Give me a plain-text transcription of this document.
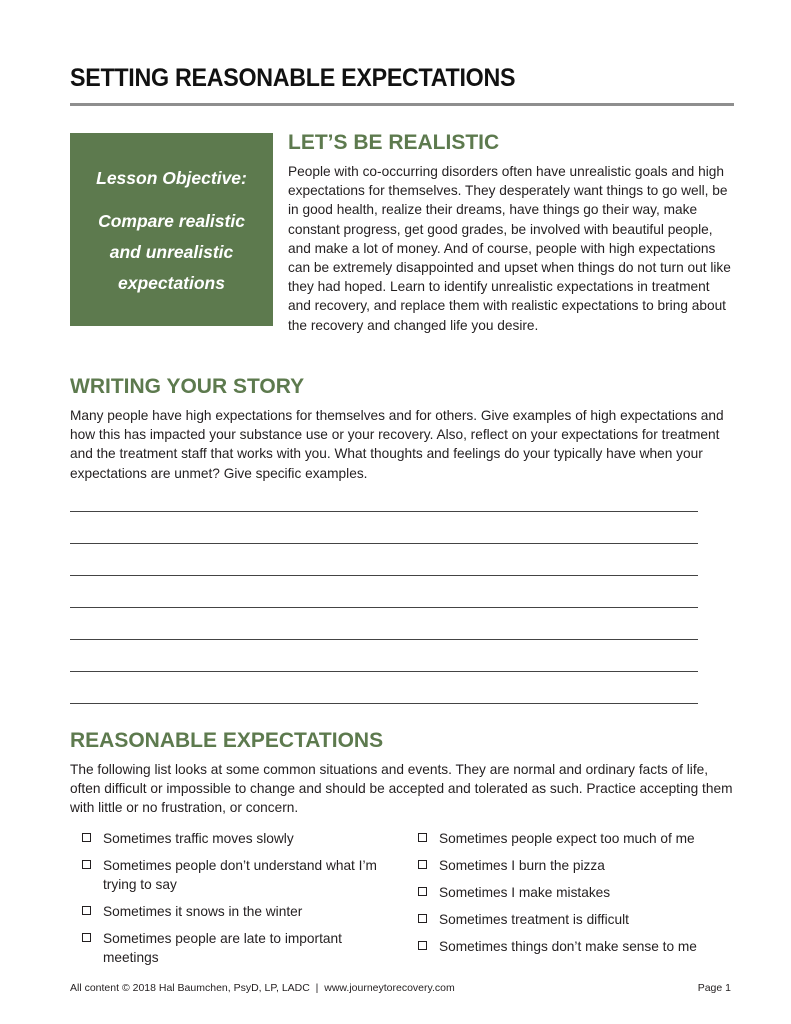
SETTING REASONABLE EXPECTATIONS
Lesson Objective:
Compare realistic and unrealistic expectations
LET’S BE REALISTIC
People with co-occurring disorders often have unrealistic goals and high expectations for themselves. They desperately want things to go well, be in good health, realize their dreams, have things go their way, make constant progress, get good grades, be involved with beautiful people, and make a lot of money. And of course, people with high expectations can be extremely disappointed and upset when things do not turn out like they had hoped. Learn to identify unrealistic expectations in treatment and recovery, and replace them with realistic expectations to bring about the recovery and changed life you desire.
WRITING YOUR STORY
Many people have high expectations for themselves and for others. Give examples of high expectations and how this has impacted your substance use or your recovery. Also, reflect on your expectations for treatment and the treatment staff that works with you. What thoughts and feelings do your typically have when your expectations are unmet? Give specific examples.
REASONABLE EXPECTATIONS
The following list looks at some common situations and events. They are normal and ordinary facts of life, often difficult or impossible to change and should be accepted and tolerated as such. Practice accepting them with little or no frustration, or concern.
Sometimes traffic moves slowly
Sometimes people don’t understand what I’m trying to say
Sometimes it snows in the winter
Sometimes people are late to important meetings
Sometimes people expect too much of me
Sometimes I burn the pizza
Sometimes I make mistakes
Sometimes treatment is difficult
Sometimes things don’t make sense to me
All content © 2018 Hal Baumchen, PsyD, LP, LADC  |  www.journeytorecovery.com	Page 1
